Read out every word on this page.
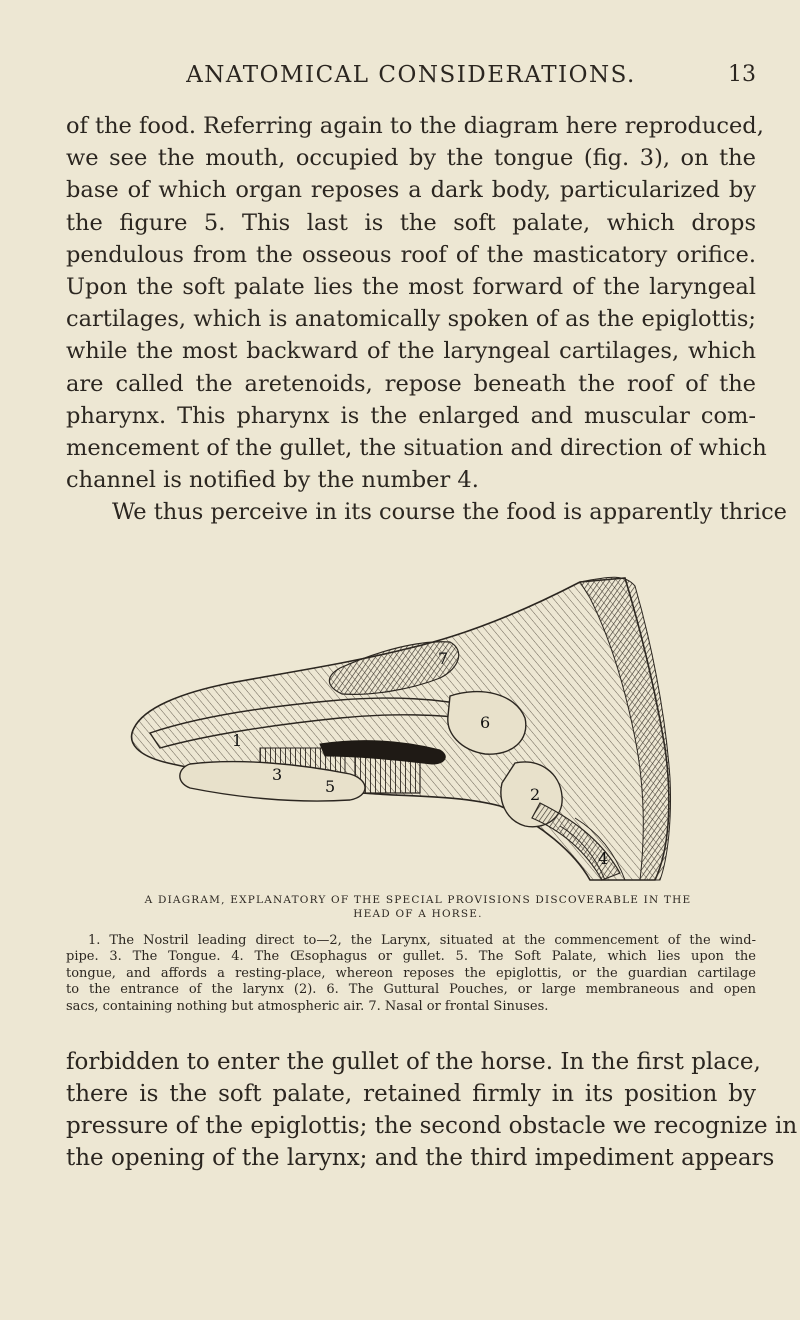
ANATOMICAL CONSIDERATIONS.	13

of the food. Referring again to the diagram here reproduced,
we see the mouth, occupied by the tongue (fig. 3), on the
base of which organ reposes a dark body, particularized by
the figure 5. This last is the soft palate, which drops
pendulous from the osseous roof of the masticatory orifice.
Upon the soft palate lies the most forward of the laryngeal
cartilages, which is anatomically spoken of as the epiglottis;
while the most backward of the laryngeal cartilages, which
are called the aretenoids, repose beneath the roof of the
pharynx. This pharynx is the enlarged and muscular com-
mencement of the gullet, the situation and direction of which
channel is notified by the number 4.
We thus perceive in its course the food is apparently thrice

7
6
1
3
2
4
5

A DIAGRAM, EXPLANATORY OF THE SPECIAL PROVISIONS DISCOVERABLE IN THE
HEAD OF A HORSE.

1. The Nostril leading direct to—2, the Larynx, situated at the commencement of the wind-
pipe. 3. The Tongue. 4. The Œsophagus or gullet. 5. The Soft Palate, which lies upon the
tongue, and affords a resting-place, whereon reposes the epiglottis, or the guardian cartilage
to the entrance of the larynx (2). 6. The Guttural Pouches, or large membraneous and open
sacs, containing nothing but atmospheric air. 7. Nasal or frontal Sinuses.

forbidden to enter the gullet of the horse. In the first place,
there is the soft palate, retained firmly in its position by
pressure of the epiglottis; the second obstacle we recognize in
the opening of the larynx; and the third impediment appears
